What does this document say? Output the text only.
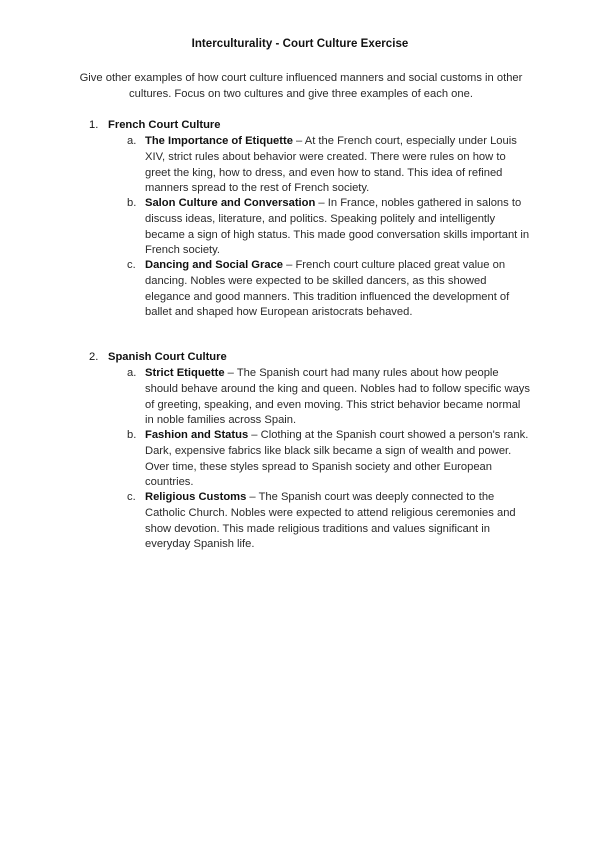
Interculturality - Court Culture Exercise
Give other examples of how court culture influenced manners and social customs in other cultures. Focus on two cultures and give three examples of each one.
1. French Court Culture
a. The Importance of Etiquette – At the French court, especially under Louis XIV, strict rules about behavior were created. There were rules on how to greet the king, how to dress, and even how to stand. This idea of refined manners spread to the rest of French society.
b. Salon Culture and Conversation – In France, nobles gathered in salons to discuss ideas, literature, and politics. Speaking politely and intelligently became a sign of high status. This made good conversation skills important in French society.
c. Dancing and Social Grace – French court culture placed great value on dancing. Nobles were expected to be skilled dancers, as this showed elegance and good manners. This tradition influenced the development of ballet and shaped how European aristocrats behaved.
2. Spanish Court Culture
a. Strict Etiquette – The Spanish court had many rules about how people should behave around the king and queen. Nobles had to follow specific ways of greeting, speaking, and even moving. This strict behavior became normal in noble families across Spain.
b. Fashion and Status – Clothing at the Spanish court showed a person's rank. Dark, expensive fabrics like black silk became a sign of wealth and power. Over time, these styles spread to Spanish society and other European countries.
c. Religious Customs – The Spanish court was deeply connected to the Catholic Church. Nobles were expected to attend religious ceremonies and show devotion. This made religious traditions and values significant in everyday Spanish life.
